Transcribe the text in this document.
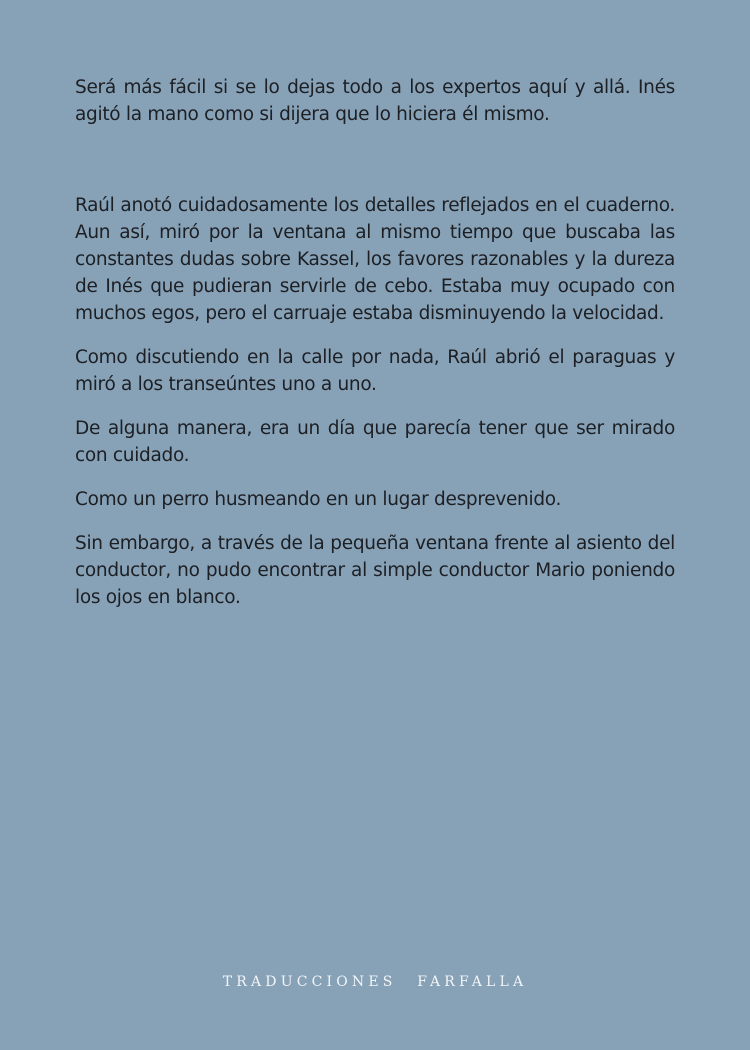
Será más fácil si se lo dejas todo a los expertos aquí y allá. Inés agitó la mano como si dijera que lo hiciera él mismo.

Raúl anotó cuidadosamente los detalles reflejados en el cuaderno. Aun así, miró por la ventana al mismo tiempo que buscaba las constantes dudas sobre Kassel, los favores razonables y la dureza de Inés que pudieran servirle de cebo. Estaba muy ocupado con muchos egos, pero el carruaje estaba disminuyendo la velocidad.

Como discutiendo en la calle por nada, Raúl abrió el paraguas y miró a los transeúntes uno a uno.

De alguna manera, era un día que parecía tener que ser mirado con cuidado.

Como un perro husmeando en un lugar desprevenido.

Sin embargo, a través de la pequeña ventana frente al asiento del conductor, no pudo encontrar al simple conductor Mario poniendo los ojos en blanco.

TRADUCCIONES FARFALLA
